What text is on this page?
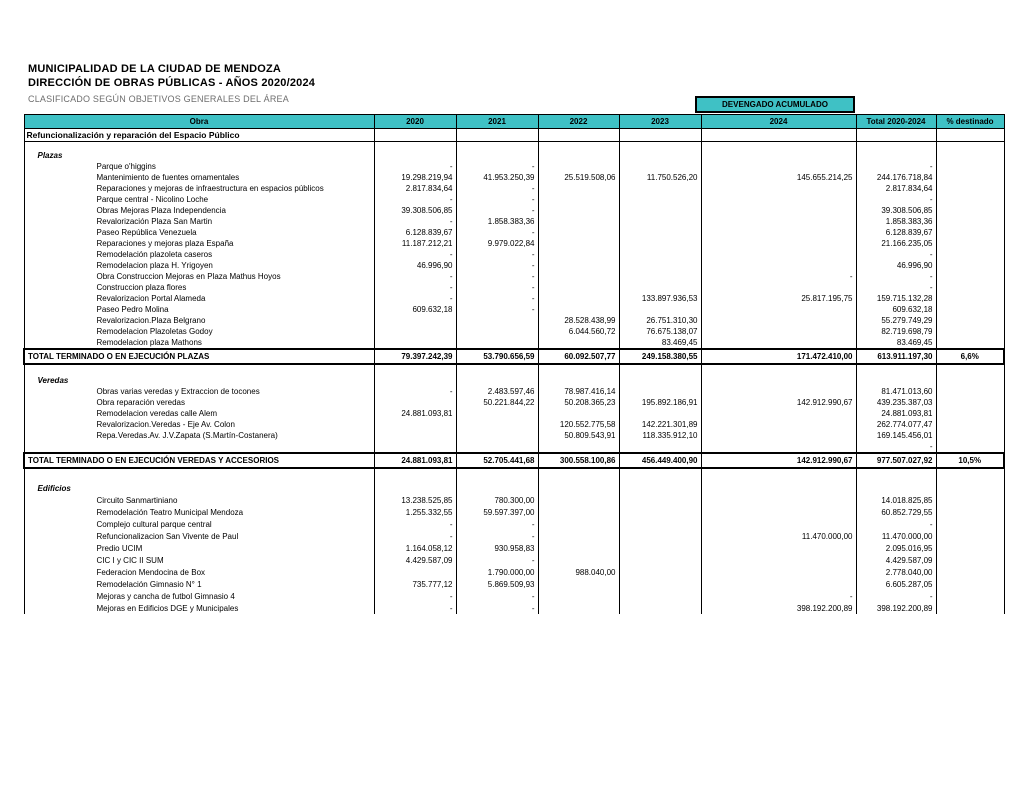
MUNICIPALIDAD DE LA CIUDAD DE MENDOZA
DIRECCIÓN DE OBRAS PÚBLICAS - AÑOS 2020/2024
CLASIFICADO SEGÚN OBJETIVOS GENERALES DEL ÁREA
DEVENGADO ACUMULADO
Obra	2020	2021	2022	2023	2024	Total 2020-2024	% destinado
Refuncionalización y reparación del Espacio Público							

Plazas							
Parque o'higgins	-	-				-	
Mantenimiento de fuentes ornamentales	19.298.219,94	41.953.250,39	25.519.508,06	11.750.526,20	145.655.214,25	244.176.718,84	
Reparaciones y mejoras de infraestructura en espacios públicos	2.817.834,64	-				2.817.834,64	
Parque central - Nicolino Loche	-	-				-	
Obras Mejoras Plaza Independencia	39.308.506,85	-				39.308.506,85	
Revalorización Plaza San Martin	-	1.858.383,36				1.858.383,36	
Paseo República Venezuela	6.128.839,67	-				6.128.839,67	
Reparaciones y mejoras plaza España	11.187.212,21	9.979.022,84				21.166.235,05	
Remodelación plazoleta caseros	-	-				-	
Remodelacion plaza H. Yrigoyen	46.996,90	-				46.996,90	
Obra Construccion Mejoras en Plaza Mathus Hoyos	-	-			-	-	
Construccion plaza flores	-	-				-	
Revalorizacion Portal Alameda	-	-		133.897.936,53	25.817.195,75	159.715.132,28	
Paseo Pedro Molina	609.632,18	-				609.632,18	
Revalorizacion.Plaza Belgrano			28.528.438,99	26.751.310,30		55.279.749,29	
Remodelacion Plazoletas Godoy			6.044.560,72	76.675.138,07		82.719.698,79	
Remodelacion plaza Mathons				83.469,45		83.469,45	
TOTAL TERMINADO O EN EJECUCIÓN PLAZAS	79.397.242,39	53.790.656,59	60.092.507,77	249.158.380,55	171.472.410,00	613.911.197,30	6,6%

Veredas							
Obras varias veredas y Extraccion de tocones	-	2.483.597,46	78.987.416,14			81.471.013,60	
Obra reparación veredas		50.221.844,22	50.208.365,23	195.892.186,91	142.912.990,67	439.235.387,03	
Remodelacion veredas calle Alem	24.881.093,81					24.881.093,81	
Revalorizacion.Veredas - Eje Av. Colon			120.552.775,58	142.221.301,89		262.774.077,47	
Repa.Veredas.Av. J.V.Zapata (S.Martín-Costanera)			50.809.543,91	118.335.912,10		169.145.456,01	
						-	
TOTAL TERMINADO O EN EJECUCIÓN VEREDAS Y ACCESORIOS	24.881.093,81	52.705.441,68	300.558.100,86	456.449.400,90	142.912.990,67	977.507.027,92	10,5%

Edificios							
Circuito Sanmartiniano	13.238.525,85	780.300,00				14.018.825,85	
Remodelación Teatro Municipal Mendoza	1.255.332,55	59.597.397,00				60.852.729,55	
Complejo cultural parque central	-	-				-	
Refuncionalizacion San Vivente de Paul	-	-			11.470.000,00	11.470.000,00	
Predio UCIM	1.164.058,12	930.958,83				2.095.016,95	
CIC I y CIC II SUM	4.429.587,09	-				4.429.587,09	
Federacion Mendocina de Box		1.790.000,00	988.040,00			2.778.040,00	
Remodelación Gimnasio N° 1	735.777,12	5.869.509,93				6.605.287,05	
Mejoras y cancha de futbol Gimnasio 4	-	-			-	-	
Mejoras en Edificios DGE y Municipales	-	-			398.192.200,89	398.192.200,89	
